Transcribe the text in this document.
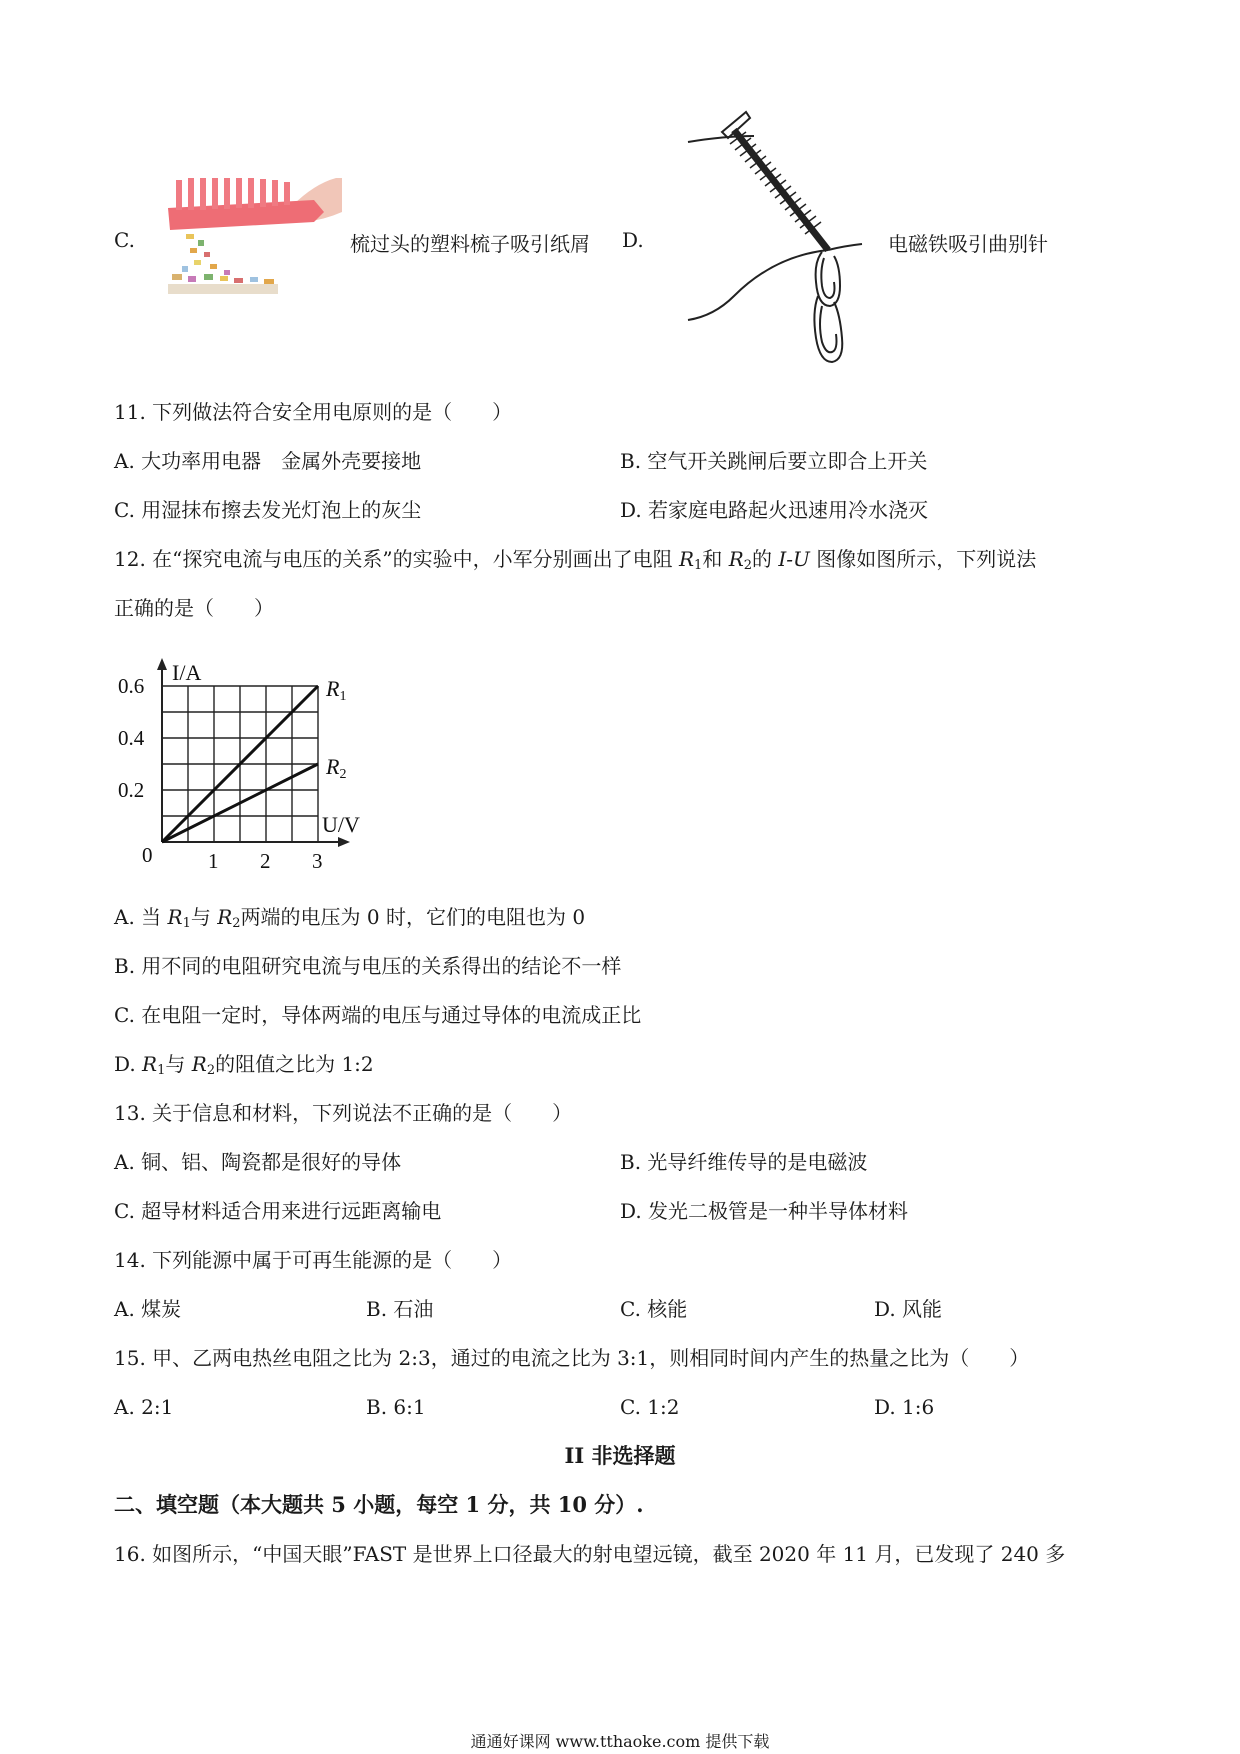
C.	梳过头的塑料梳子吸引纸屑 D.	电磁铁吸引曲别针
11. 下列做法符合安全用电原则的是（　　）
A. 大功率用电器　金属外壳要接地	B. 空气开关跳闸后要立即合上开关
C. 用湿抹布擦去发光灯泡上的灰尘	D. 若家庭电路起火迅速用冷水浇灭
12. 在“探究电流与电压的关系”的实验中，小军分别画出了电阻 $R_1$和 $R_2$的 I-U 图像如图所示，下列说法
正确的是（　　）
R1
R2
1 2 3
0.2
0.4
0.6
0
I/A
U/V
A. 当 $R_1$与 $R_2$两端的电压为 0 时，它们的电阻也为 0
B. 用不同的电阻研究电流与电压的关系得出的结论不一样
C. 在电阻一定时，导体两端的电压与通过导体的电流成正比
D. $R_1$与 $R_2$的阻值之比为 1:2
13. 关于信息和材料，下列说法不正确的是（　　）
A. 铜、铝、陶瓷都是很好的导体	B. 光导纤维传导的是电磁波
C. 超导材料适合用来进行远距离输电	D. 发光二极管是一种半导体材料
14. 下列能源中属于可再生能源的是（　　）
A. 煤炭	B. 石油	C. 核能	D. 风能
15. 甲、乙两电热丝电阻之比为 2:3，通过的电流之比为 3:1，则相同时间内产生的热量之比为（　　）
A. 2:1	B. 6:1	C. 1:2	D. 1:6
II 非选择题
二、填空题（本大题共 5 小题，每空 1 分，共 10 分）.
16. 如图所示，“中国天眼”FAST 是世界上口径最大的射电望远镜，截至 2020 年 11 月，已发现了 240 多
通通好课网 www.tthaoke.com 提供下载
